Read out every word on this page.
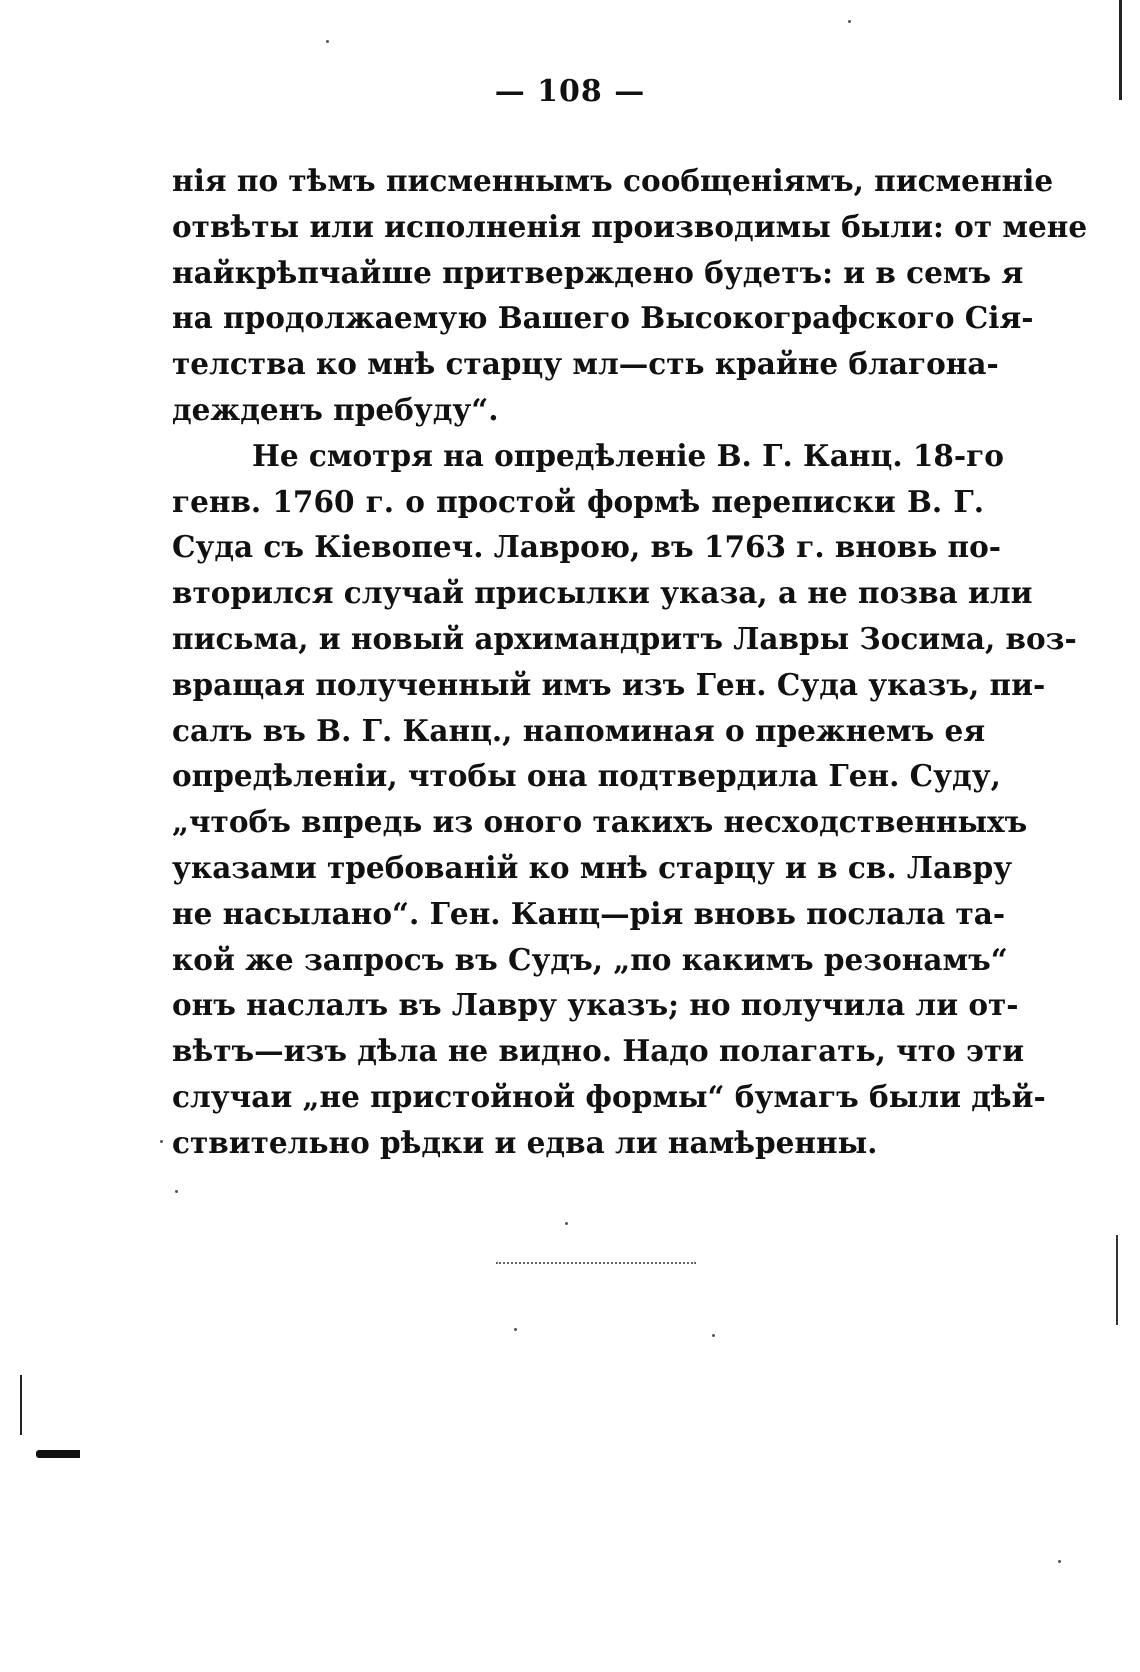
— 108 —
нія по тѣмъ писменнымъ сообщеніямъ, писменніе
отвѣты или исполненія производимы были: от мене
найкрѣпчайше притверждено будетъ: и в семъ я
на продолжаемую Вашего Высокографского Сія-
телства ко мнѣ старцу мл—сть крайне благона-
дежденъ пребуду“.
Не смотря на опредѣленіе В. Г. Канц. 18-го
генв. 1760 г. о простой формѣ переписки В. Г.
Суда съ Кіевопеч. Лаврою, въ 1763 г. вновь по-
вторился случай присылки указа, а не позва или
письма, и новый архимандритъ Лавры Зосима, воз-
вращая полученный имъ изъ Ген. Суда указъ, пи-
салъ въ В. Г. Канц., напоминая о прежнемъ ея
опредѣленіи, чтобы она подтвердила Ген. Суду,
„чтобъ впредь из оного такихъ несходственныхъ
указами требованій ко мнѣ старцу и в св. Лавру
не насылано“. Ген. Канц—рія вновь послала та-
кой же запросъ въ Судъ, „по какимъ резонамъ“
онъ наслалъ въ Лавру указъ; но получила ли от-
вѣтъ—изъ дѣла не видно. Надо полагать, что эти
случаи „не пристойной формы“ бумагъ были дѣй-
ствительно рѣдки и едва ли намѣренны.
